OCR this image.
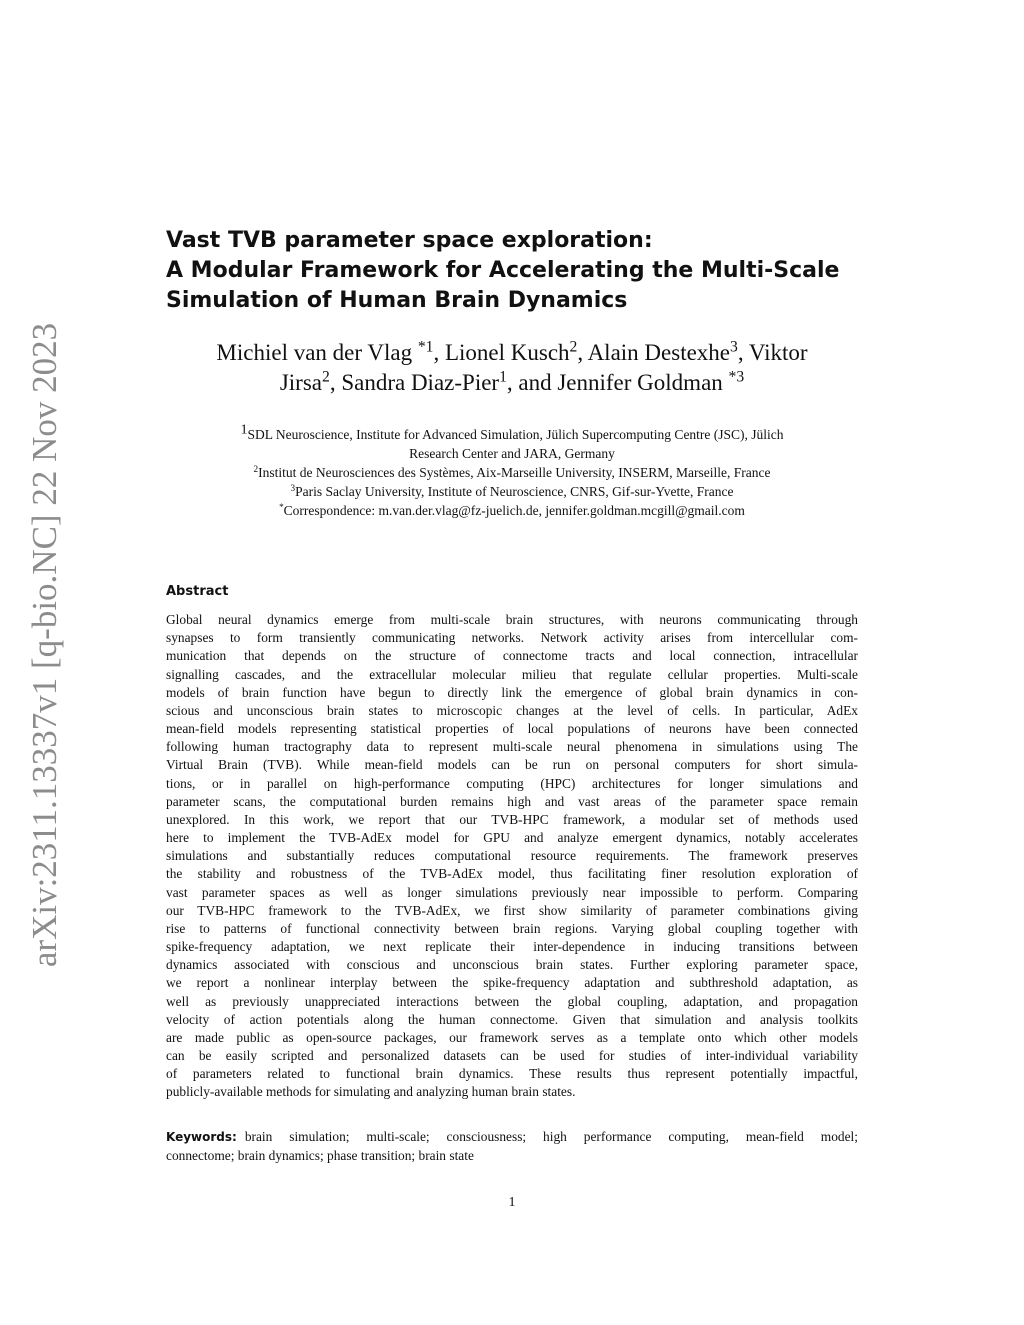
arXiv:2311.13337v1 [q-bio.NC] 22 Nov 2023
Vast TVB parameter space exploration:
A Modular Framework for Accelerating the Multi-Scale
Simulation of Human Brain Dynamics
Michiel van der Vlag $^{*1}$, Lionel Kusch$^2$, Alain Destexhe$^3$, Viktor
Jirsa$^2$, Sandra Diaz-Pier$^1$, and Jennifer Goldman $^{*3}$
$^1$SDL Neuroscience, Institute for Advanced Simulation, Jülich Supercomputing Centre (JSC), Jülich
Research Center and JARA, Germany
$^2$Institut de Neurosciences des Systèmes, Aix-Marseille University, INSERM, Marseille, France
$^3$Paris Saclay University, Institute of Neuroscience, CNRS, Gif-sur-Yvette, France
*Correspondence: m.van.der.vlag@fz-juelich.de, jennifer.goldman.mcgill@gmail.com
Abstract
Global neural dynamics emerge from multi-scale brain structures, with neurons communicating through
synapses to form transiently communicating networks. Network activity arises from intercellular com-
munication that depends on the structure of connectome tracts and local connection, intracellular
signalling cascades, and the extracellular molecular milieu that regulate cellular properties. Multi-scale
models of brain function have begun to directly link the emergence of global brain dynamics in con-
scious and unconscious brain states to microscopic changes at the level of cells. In particular, AdEx
mean-field models representing statistical properties of local populations of neurons have been connected
following human tractography data to represent multi-scale neural phenomena in simulations using The
Virtual Brain (TVB). While mean-field models can be run on personal computers for short simula-
tions, or in parallel on high-performance computing (HPC) architectures for longer simulations and
parameter scans, the computational burden remains high and vast areas of the parameter space remain
unexplored. In this work, we report that our TVB-HPC framework, a modular set of methods used
here to implement the TVB-AdEx model for GPU and analyze emergent dynamics, notably accelerates
simulations and substantially reduces computational resource requirements. The framework preserves
the stability and robustness of the TVB-AdEx model, thus facilitating finer resolution exploration of
vast parameter spaces as well as longer simulations previously near impossible to perform. Comparing
our TVB-HPC framework to the TVB-AdEx, we first show similarity of parameter combinations giving
rise to patterns of functional connectivity between brain regions. Varying global coupling together with
spike-frequency adaptation, we next replicate their inter-dependence in inducing transitions between
dynamics associated with conscious and unconscious brain states. Further exploring parameter space,
we report a nonlinear interplay between the spike-frequency adaptation and subthreshold adaptation, as
well as previously unappreciated interactions between the global coupling, adaptation, and propagation
velocity of action potentials along the human connectome. Given that simulation and analysis toolkits
are made public as open-source packages, our framework serves as a template onto which other models
can be easily scripted and personalized datasets can be used for studies of inter-individual variability
of parameters related to functional brain dynamics. These results thus represent potentially impactful,
publicly-available methods for simulating and analyzing human brain states.
Keywords: brain simulation; multi-scale; consciousness; high performance computing, mean-field model;
connectome; brain dynamics; phase transition; brain state
1
